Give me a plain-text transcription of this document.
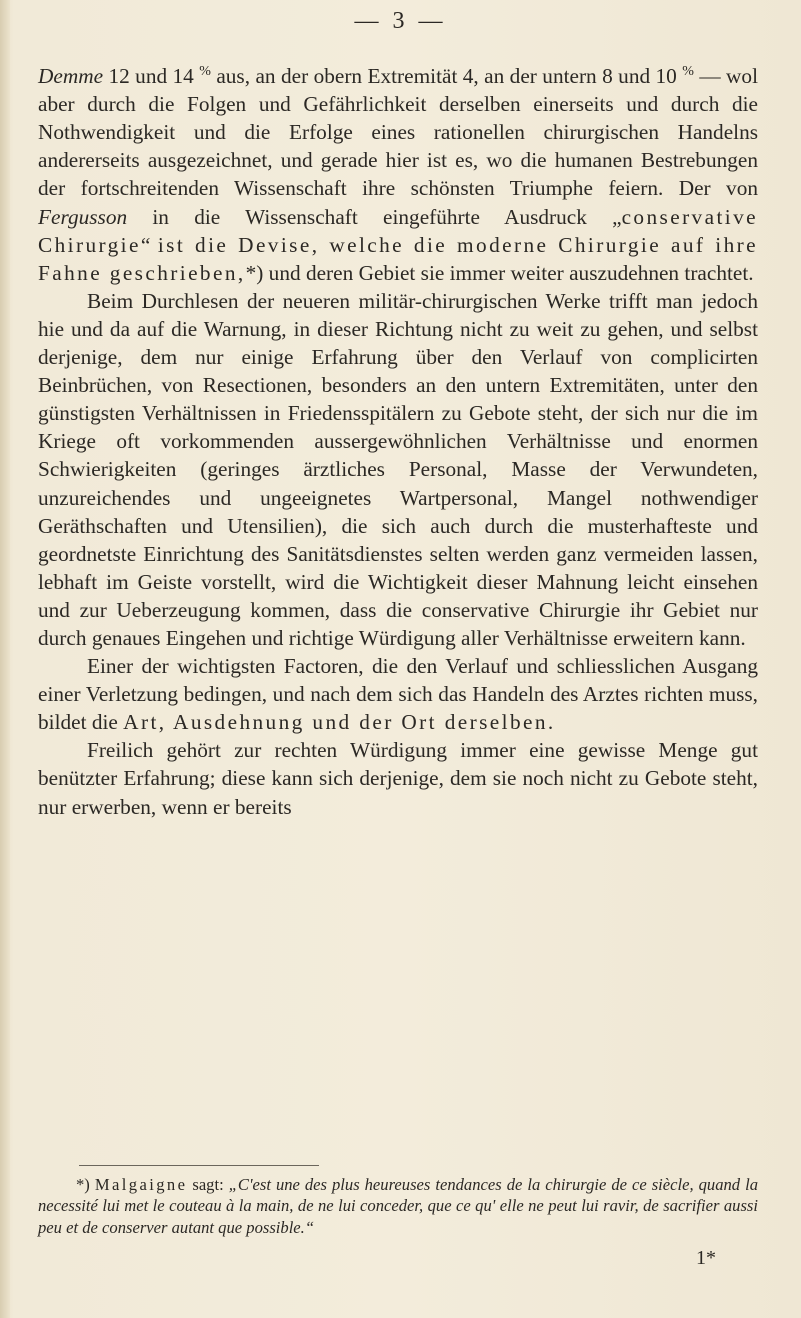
— 3 —

Demme 12 und 14 % aus, an der obern Extremität 4, an der untern 8 und 10 % — wol aber durch die Folgen und Gefährlichkeit derselben einerseits und durch die Nothwendigkeit und die Erfolge eines rationellen chirurgischen Handelns andererseits ausgezeichnet, und gerade hier ist es, wo die humanen Bestrebungen der fortschreitenden Wissenschaft ihre schönsten Triumphe feiern. Der von Fergusson in die Wissenschaft eingeführte Ausdruck „conservative Chirurgie“ ist die Devise, welche die moderne Chirurgie auf ihre Fahne geschrieben,*) und deren Gebiet sie immer weiter auszudehnen trachtet.

Beim Durchlesen der neueren militär-chirurgischen Werke trifft man jedoch hie und da auf die Warnung, in dieser Richtung nicht zu weit zu gehen, und selbst derjenige, dem nur einige Erfahrung über den Verlauf von complicirten Beinbrüchen, von Resectionen, besonders an den untern Extremitäten, unter den günstigsten Verhältnissen in Friedensspitälern zu Gebote steht, der sich nur die im Kriege oft vorkommenden aussergewöhnlichen Verhältnisse und enormen Schwierigkeiten (geringes ärztliches Personal, Masse der Verwundeten, unzureichendes und ungeeignetes Wartpersonal, Mangel nothwendiger Geräthschaften und Utensilien), die sich auch durch die musterhafteste und geordnetste Einrichtung des Sanitätsdienstes selten werden ganz vermeiden lassen, lebhaft im Geiste vorstellt, wird die Wichtigkeit dieser Mahnung leicht einsehen und zur Ueberzeugung kommen, dass die conservative Chirurgie ihr Gebiet nur durch genaues Eingehen und richtige Würdigung aller Verhältnisse erweitern kann.

Einer der wichtigsten Factoren, die den Verlauf und schliesslichen Ausgang einer Verletzung bedingen, und nach dem sich das Handeln des Arztes richten muss, bildet die Art, Ausdehnung und der Ort derselben.

Freilich gehört zur rechten Würdigung immer eine gewisse Menge gut benützter Erfahrung; diese kann sich derjenige, dem sie noch nicht zu Gebote steht, nur erwerben, wenn er bereits

*) Malgaigne sagt: „C'est une des plus heureuses tendances de la chirurgie de ce siècle, quand la necessité lui met le couteau à la main, de ne lui conceder, que ce qu' elle ne peut lui ravir, de sacrifier aussi peu et de conserver autant que possible.“
1*
